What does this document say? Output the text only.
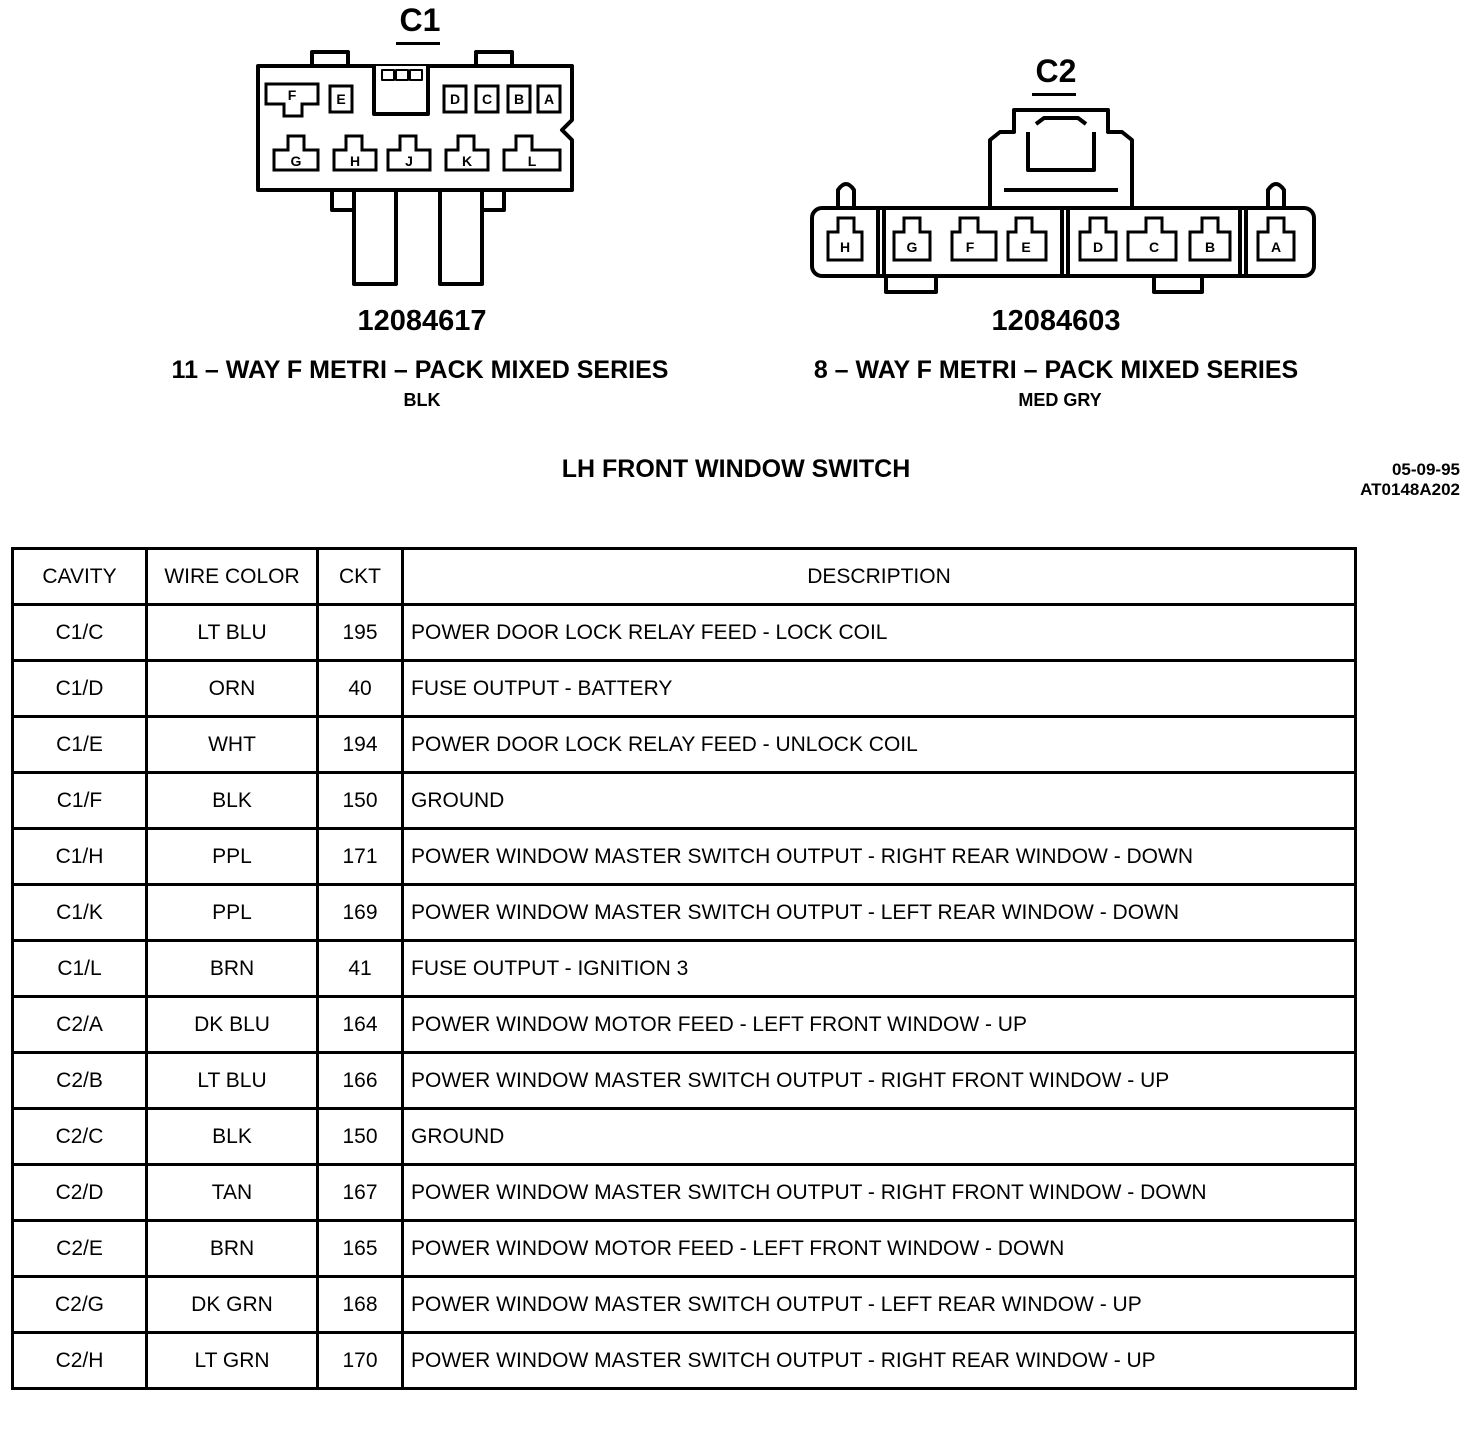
C1
C2
F	E	D C B A
G	H	J	K	L
H	G	F	E	D	C	B	A
12084617	12084603
11 – WAY F METRI – PACK MIXED SERIES	8 – WAY F METRI – PACK MIXED SERIES
BLK	MED GRY
LH FRONT WINDOW SWITCH	05-09-95
AT0148A202
CAVITY	WIRE COLOR	CKT	DESCRIPTION
C1/C	LT BLU	195	POWER DOOR LOCK RELAY FEED - LOCK COIL
C1/D	ORN	40	FUSE OUTPUT - BATTERY
C1/E	WHT	194	POWER DOOR LOCK RELAY FEED - UNLOCK COIL
C1/F	BLK	150	GROUND
C1/H	PPL	171	POWER WINDOW MASTER SWITCH OUTPUT - RIGHT REAR WINDOW - DOWN
C1/K	PPL	169	POWER WINDOW MASTER SWITCH OUTPUT - LEFT REAR WINDOW - DOWN
C1/L	BRN	41	FUSE OUTPUT - IGNITION 3
C2/A	DK BLU	164	POWER WINDOW MOTOR FEED - LEFT FRONT WINDOW - UP
C2/B	LT BLU	166	POWER WINDOW MASTER SWITCH OUTPUT - RIGHT FRONT WINDOW - UP
C2/C	BLK	150	GROUND
C2/D	TAN	167	POWER WINDOW MASTER SWITCH OUTPUT - RIGHT FRONT WINDOW - DOWN
C2/E	BRN	165	POWER WINDOW MOTOR FEED - LEFT FRONT WINDOW - DOWN
C2/G	DK GRN	168	POWER WINDOW MASTER SWITCH OUTPUT - LEFT REAR WINDOW - UP
C2/H	LT GRN	170	POWER WINDOW MASTER SWITCH OUTPUT - RIGHT REAR WINDOW - UP
